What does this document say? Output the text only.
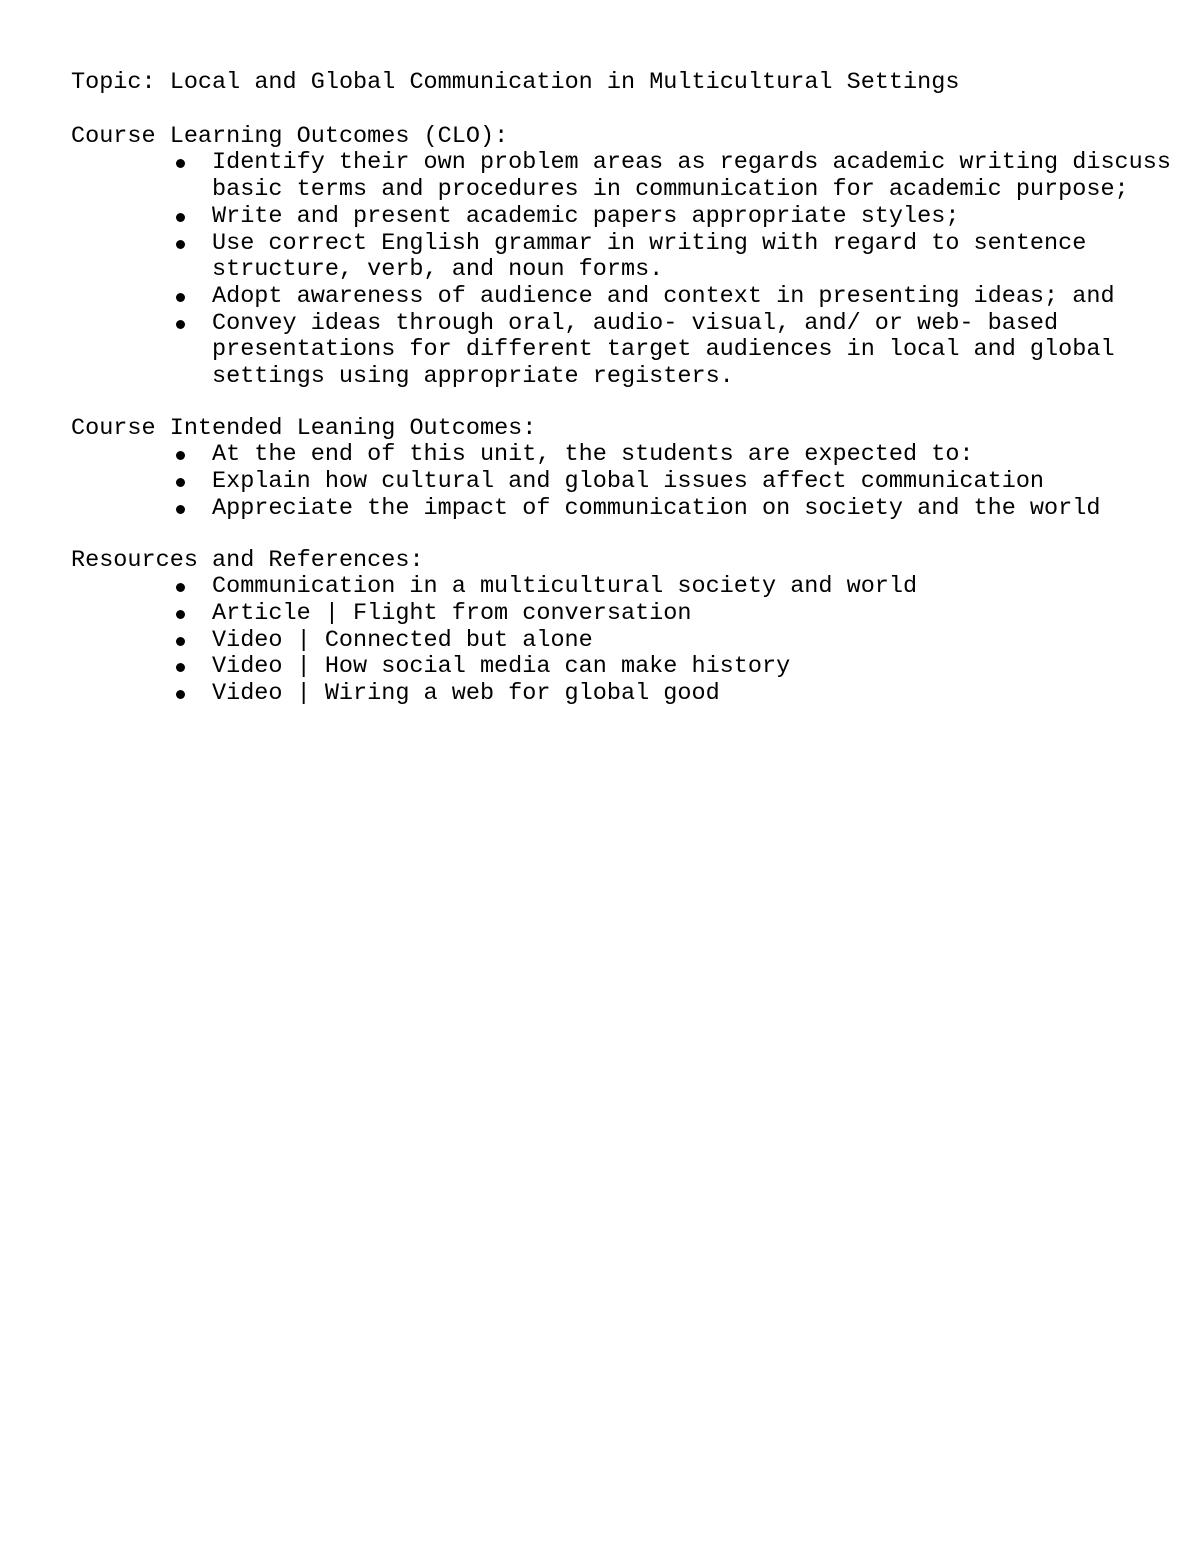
Topic: Local and Global Communication in Multicultural Settings

Course Learning Outcomes (CLO):

Identify their own problem areas as regards academic writing discuss basic terms and procedures in communication for academic purpose;
Write and present academic papers appropriate styles;
Use correct English grammar in writing with regard to sentence structure, verb, and noun forms.
Adopt awareness of audience and context in presenting ideas; and
Convey ideas through oral, audio- visual, and/ or web- based presentations for different target audiences in local and global settings using appropriate registers.

Course Intended Leaning Outcomes:

At the end of this unit, the students are expected to:
Explain how cultural and global issues affect communication
Appreciate the impact of communication on society and the world

Resources and References:

Communication in a multicultural society and world
Article | Flight from conversation
Video | Connected but alone
Video | How social media can make history
Video | Wiring a web for global good
